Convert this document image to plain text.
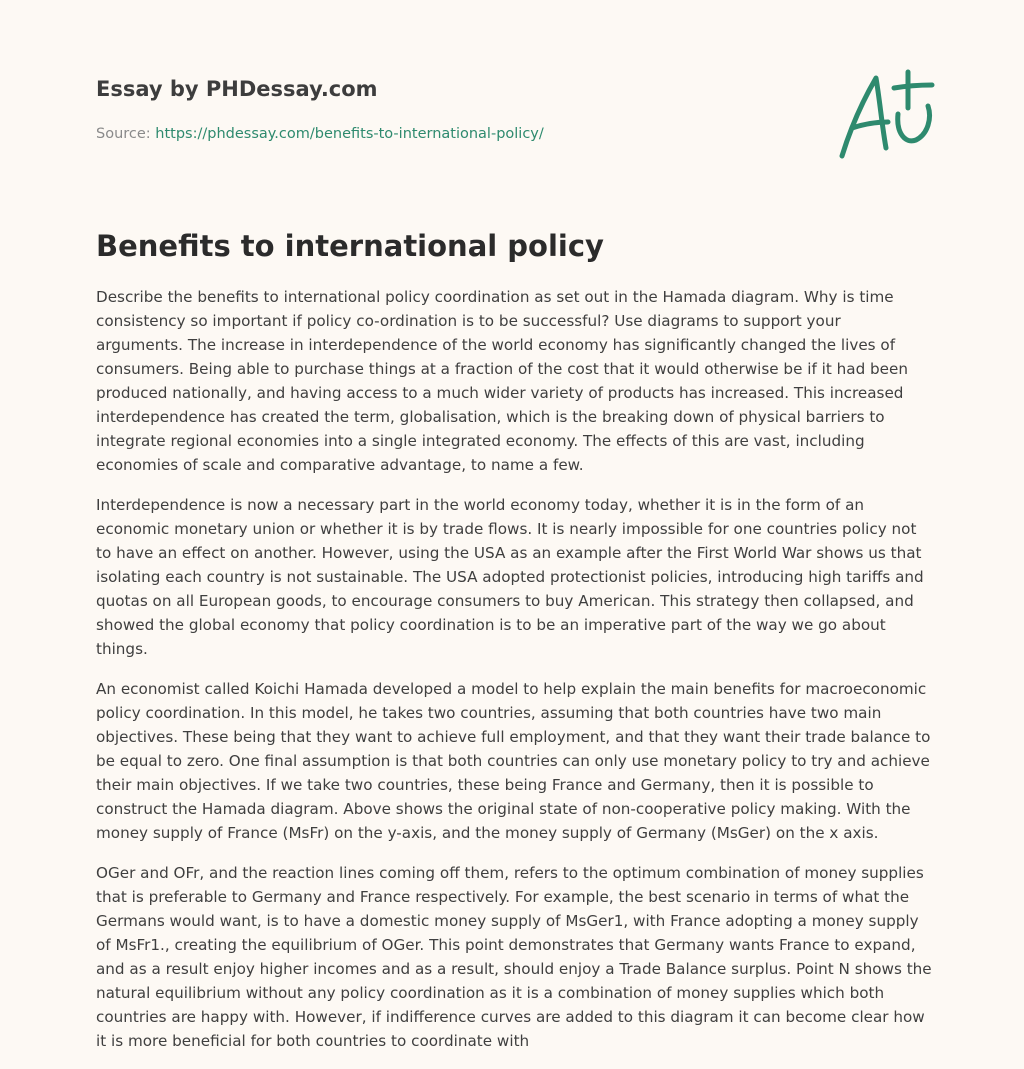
Essay by PHDessay.com
Source: https://phdessay.com/benefits-to-international-policy/
Benefits to international policy

Describe the benefits to international policy coordination as set out in the Hamada diagram. Why is time consistency so important if policy co-ordination is to be successful? Use diagrams to support your arguments. The increase in interdependence of the world economy has significantly changed the lives of consumers. Being able to purchase things at a fraction of the cost that it would otherwise be if it had been produced nationally, and having access to a much wider variety of products has increased. This increased interdependence has created the term, globalisation, which is the breaking down of physical barriers to integrate regional economies into a single integrated economy. The effects of this are vast, including economies of scale and comparative advantage, to name a few.

Interdependence is now a necessary part in the world economy today, whether it is in the form of an economic monetary union or whether it is by trade flows. It is nearly impossible for one countries policy not to have an effect on another. However, using the USA as an example after the First World War shows us that isolating each country is not sustainable. The USA adopted protectionist policies, introducing high tariffs and quotas on all European goods, to encourage consumers to buy American. This strategy then collapsed, and showed the global economy that policy coordination is to be an imperative part of the way we go about things.

An economist called Koichi Hamada developed a model to help explain the main benefits for macroeconomic policy coordination. In this model, he takes two countries, assuming that both countries have two main objectives. These being that they want to achieve full employment, and that they want their trade balance to be equal to zero. One final assumption is that both countries can only use monetary policy to try and achieve their main objectives. If we take two countries, these being France and Germany, then it is possible to construct the Hamada diagram. Above shows the original state of non-cooperative policy making. With the money supply of France (MsFr) on the y-axis, and the money supply of Germany (MsGer) on the x axis.

OGer and OFr, and the reaction lines coming off them, refers to the optimum combination of money supplies that is preferable to Germany and France respectively. For example, the best scenario in terms of what the Germans would want, is to have a domestic money supply of MsGer1, with France adopting a money supply of MsFr1., creating the equilibrium of OGer. This point demonstrates that Germany wants France to expand, and as a result enjoy higher incomes and as a result, should enjoy a Trade Balance surplus. Point N shows the natural equilibrium without any policy coordination as it is a combination of money supplies which both countries are happy with. However, if indifference curves are added to this diagram it can become clear how it is more beneficial for both countries to coordinate with
